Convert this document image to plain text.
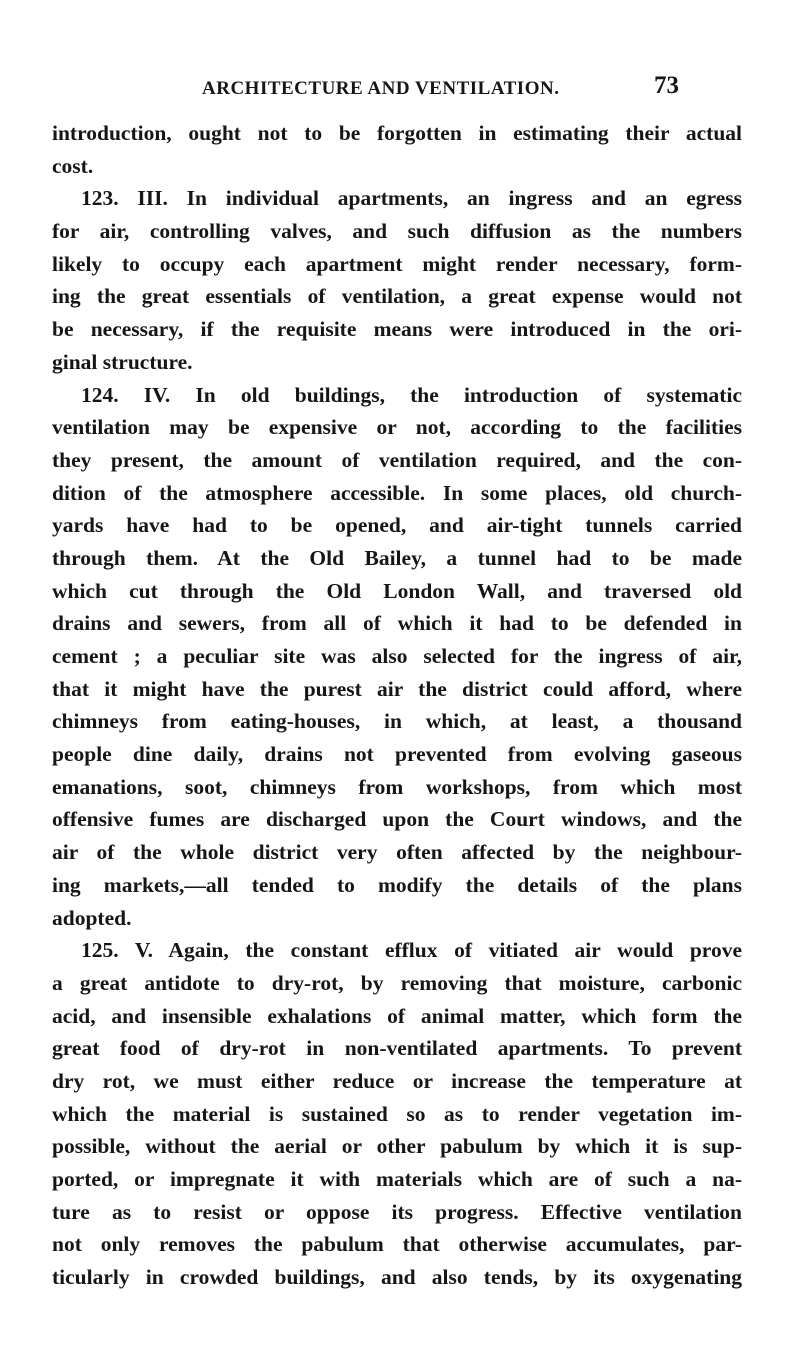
ARCHITECTURE AND VENTILATION.	73
introduction, ought not to be forgotten in estimating their actual
cost.
123. III. In individual apartments, an ingress and an egress
for air, controlling valves, and such diffusion as the numbers
likely to occupy each apartment might render necessary, form-
ing the great essentials of ventilation, a great expense would not
be necessary, if the requisite means were introduced in the ori-
ginal structure.
124. IV. In old buildings, the introduction of systematic
ventilation may be expensive or not, according to the facilities
they present, the amount of ventilation required, and the con-
dition of the atmosphere accessible. In some places, old church-
yards have had to be opened, and air-tight tunnels carried
through them. At the Old Bailey, a tunnel had to be made
which cut through the Old London Wall, and traversed old
drains and sewers, from all of which it had to be defended in
cement ; a peculiar site was also selected for the ingress of air,
that it might have the purest air the district could afford, where
chimneys from eating-houses, in which, at least, a thousand
people dine daily, drains not prevented from evolving gaseous
emanations, soot, chimneys from workshops, from which most
offensive fumes are discharged upon the Court windows, and the
air of the whole district very often affected by the neighbour-
ing markets,—all tended to modify the details of the plans
adopted.
125. V. Again, the constant efflux of vitiated air would prove
a great antidote to dry-rot, by removing that moisture, carbonic
acid, and insensible exhalations of animal matter, which form the
great food of dry-rot in non-ventilated apartments. To prevent
dry rot, we must either reduce or increase the temperature at
which the material is sustained so as to render vegetation im-
possible, without the aerial or other pabulum by which it is sup-
ported, or impregnate it with materials which are of such a na-
ture as to resist or oppose its progress. Effective ventilation
not only removes the pabulum that otherwise accumulates, par-
ticularly in crowded buildings, and also tends, by its oxygenating
